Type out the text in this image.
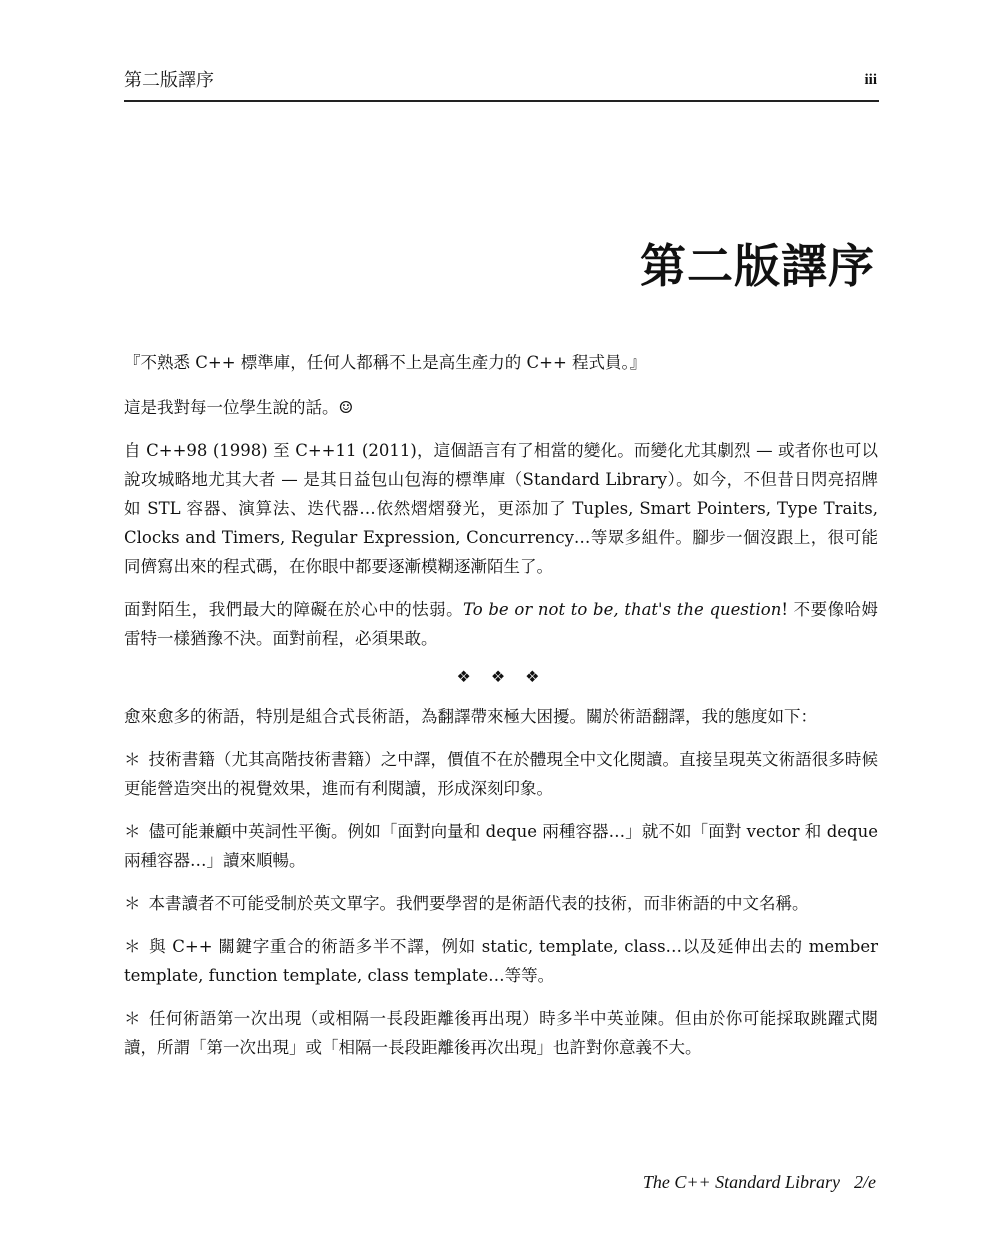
第二版譯序	iii
第二版譯序

『不熟悉 C++ 標準庫，任何人都稱不上是高生產力的 C++ 程式員。』

這是我對每一位學生說的話。☺

自 C++98 (1998) 至 C++11 (2011)，這個語言有了相當的變化。而變化尤其劇烈 — 或者你也可以說攻城略地尤其大者 — 是其日益包山包海的標準庫（Standard Library）。如今，不但昔日閃亮招牌如 STL 容器、演算法、迭代器…依然熠熠發光，更添加了 Tuples, Smart Pointers, Type Traits, Clocks and Timers, Regular Expression, Concurrency…等眾多組件。腳步一個沒跟上，很可能同儕寫出來的程式碼，在你眼中都要逐漸模糊逐漸陌生了。

面對陌生，我們最大的障礙在於心中的怯弱。To be or not to be, that's the question! 不要像哈姆雷特一樣猶豫不決。面對前程，必須果敢。

❖❖❖

愈來愈多的術語，特別是組合式長術語，為翻譯帶來極大困擾。關於術語翻譯，我的態度如下：

＊ 技術書籍（尤其高階技術書籍）之中譯，價值不在於體現全中文化閱讀。直接呈現英文術語很多時候更能營造突出的視覺效果，進而有利閱讀，形成深刻印象。

＊ 儘可能兼顧中英詞性平衡。例如「面對向量和 deque 兩種容器…」就不如「面對 vector 和 deque 兩種容器…」讀來順暢。

＊ 本書讀者不可能受制於英文單字。我們要學習的是術語代表的技術，而非術語的中文名稱。

＊ 與 C++ 關鍵字重合的術語多半不譯，例如 static, template, class…以及延伸出去的 member template, function template, class template…等等。

＊ 任何術語第一次出現（或相隔一長段距離後再出現）時多半中英並陳。但由於你可能採取跳躍式閱讀，所謂「第一次出現」或「相隔一長段距離後再次出現」也許對你意義不大。

The C++ Standard Library 2/e
